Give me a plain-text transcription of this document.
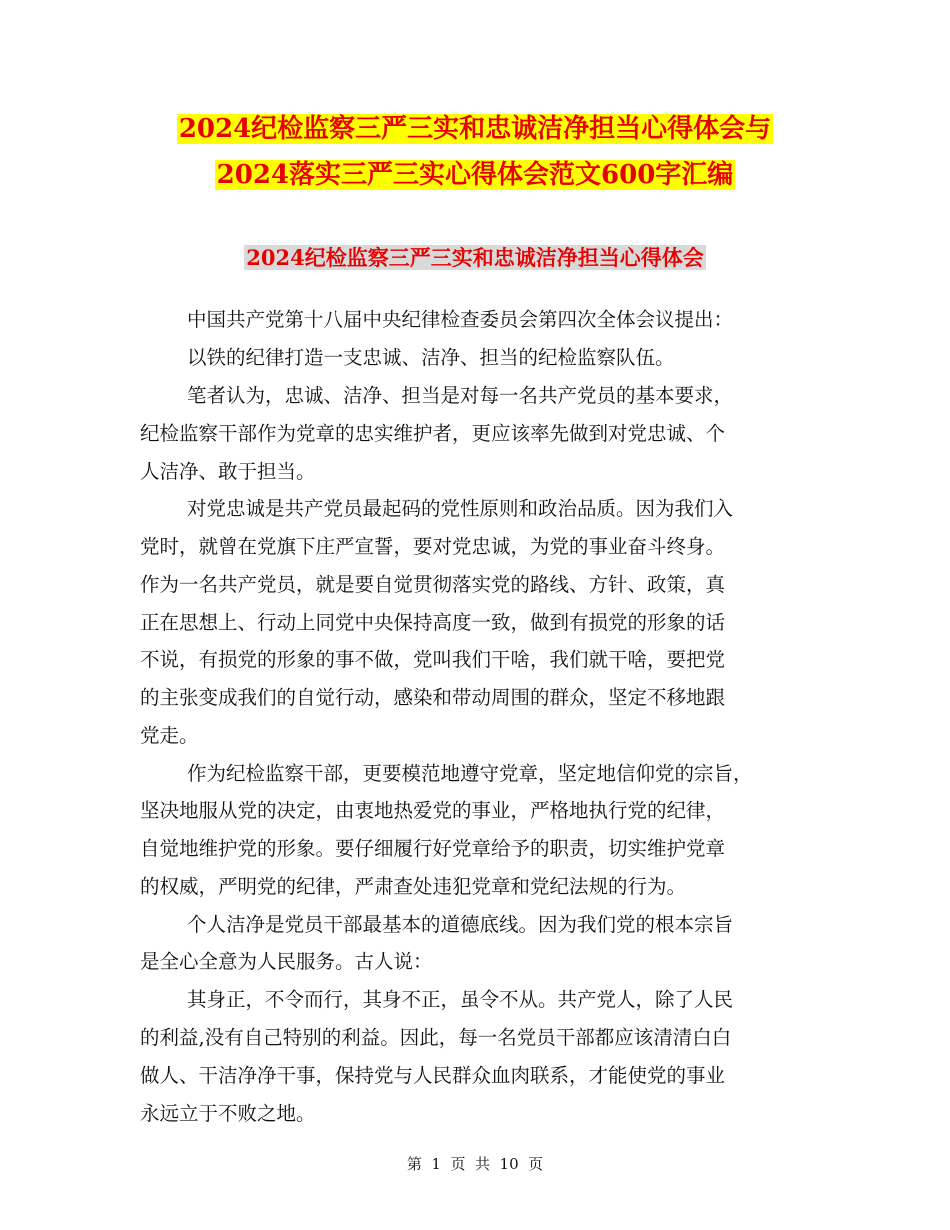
2024纪检监察三严三实和忠诚洁净担当心得体会与
2024落实三严三实心得体会范文600字汇编
2024纪检监察三严三实和忠诚洁净担当心得体会
中国共产党第十八届中央纪律检查委员会第四次全体会议提出：
以铁的纪律打造一支忠诚、洁净、担当的纪检监察队伍。
笔者认为，忠诚、洁净、担当是对每一名共产党员的基本要求，
纪检监察干部作为党章的忠实维护者，更应该率先做到对党忠诚、个
人洁净、敢于担当。
对党忠诚是共产党员最起码的党性原则和政治品质。因为我们入
党时，就曾在党旗下庄严宣誓，要对党忠诚，为党的事业奋斗终身。
作为一名共产党员，就是要自觉贯彻落实党的路线、方针、政策，真
正在思想上、行动上同党中央保持高度一致，做到有损党的形象的话
不说，有损党的形象的事不做，党叫我们干啥，我们就干啥，要把党
的主张变成我们的自觉行动，感染和带动周围的群众，坚定不移地跟
党走。
作为纪检监察干部，更要模范地遵守党章，坚定地信仰党的宗旨，
坚决地服从党的决定，由衷地热爱党的事业，严格地执行党的纪律，
自觉地维护党的形象。要仔细履行好党章给予的职责，切实维护党章
的权威，严明党的纪律，严肃查处违犯党章和党纪法规的行为。
个人洁净是党员干部最基本的道德底线。因为我们党的根本宗旨
是全心全意为人民服务。古人说：
其身正，不令而行，其身不正，虽令不从。共产党人，除了人民
的利益,没有自己特别的利益。因此，每一名党员干部都应该清清白白
做人、干洁净净干事，保持党与人民群众血肉联系，才能使党的事业
永远立于不败之地。
第  1  页  共  10  页
